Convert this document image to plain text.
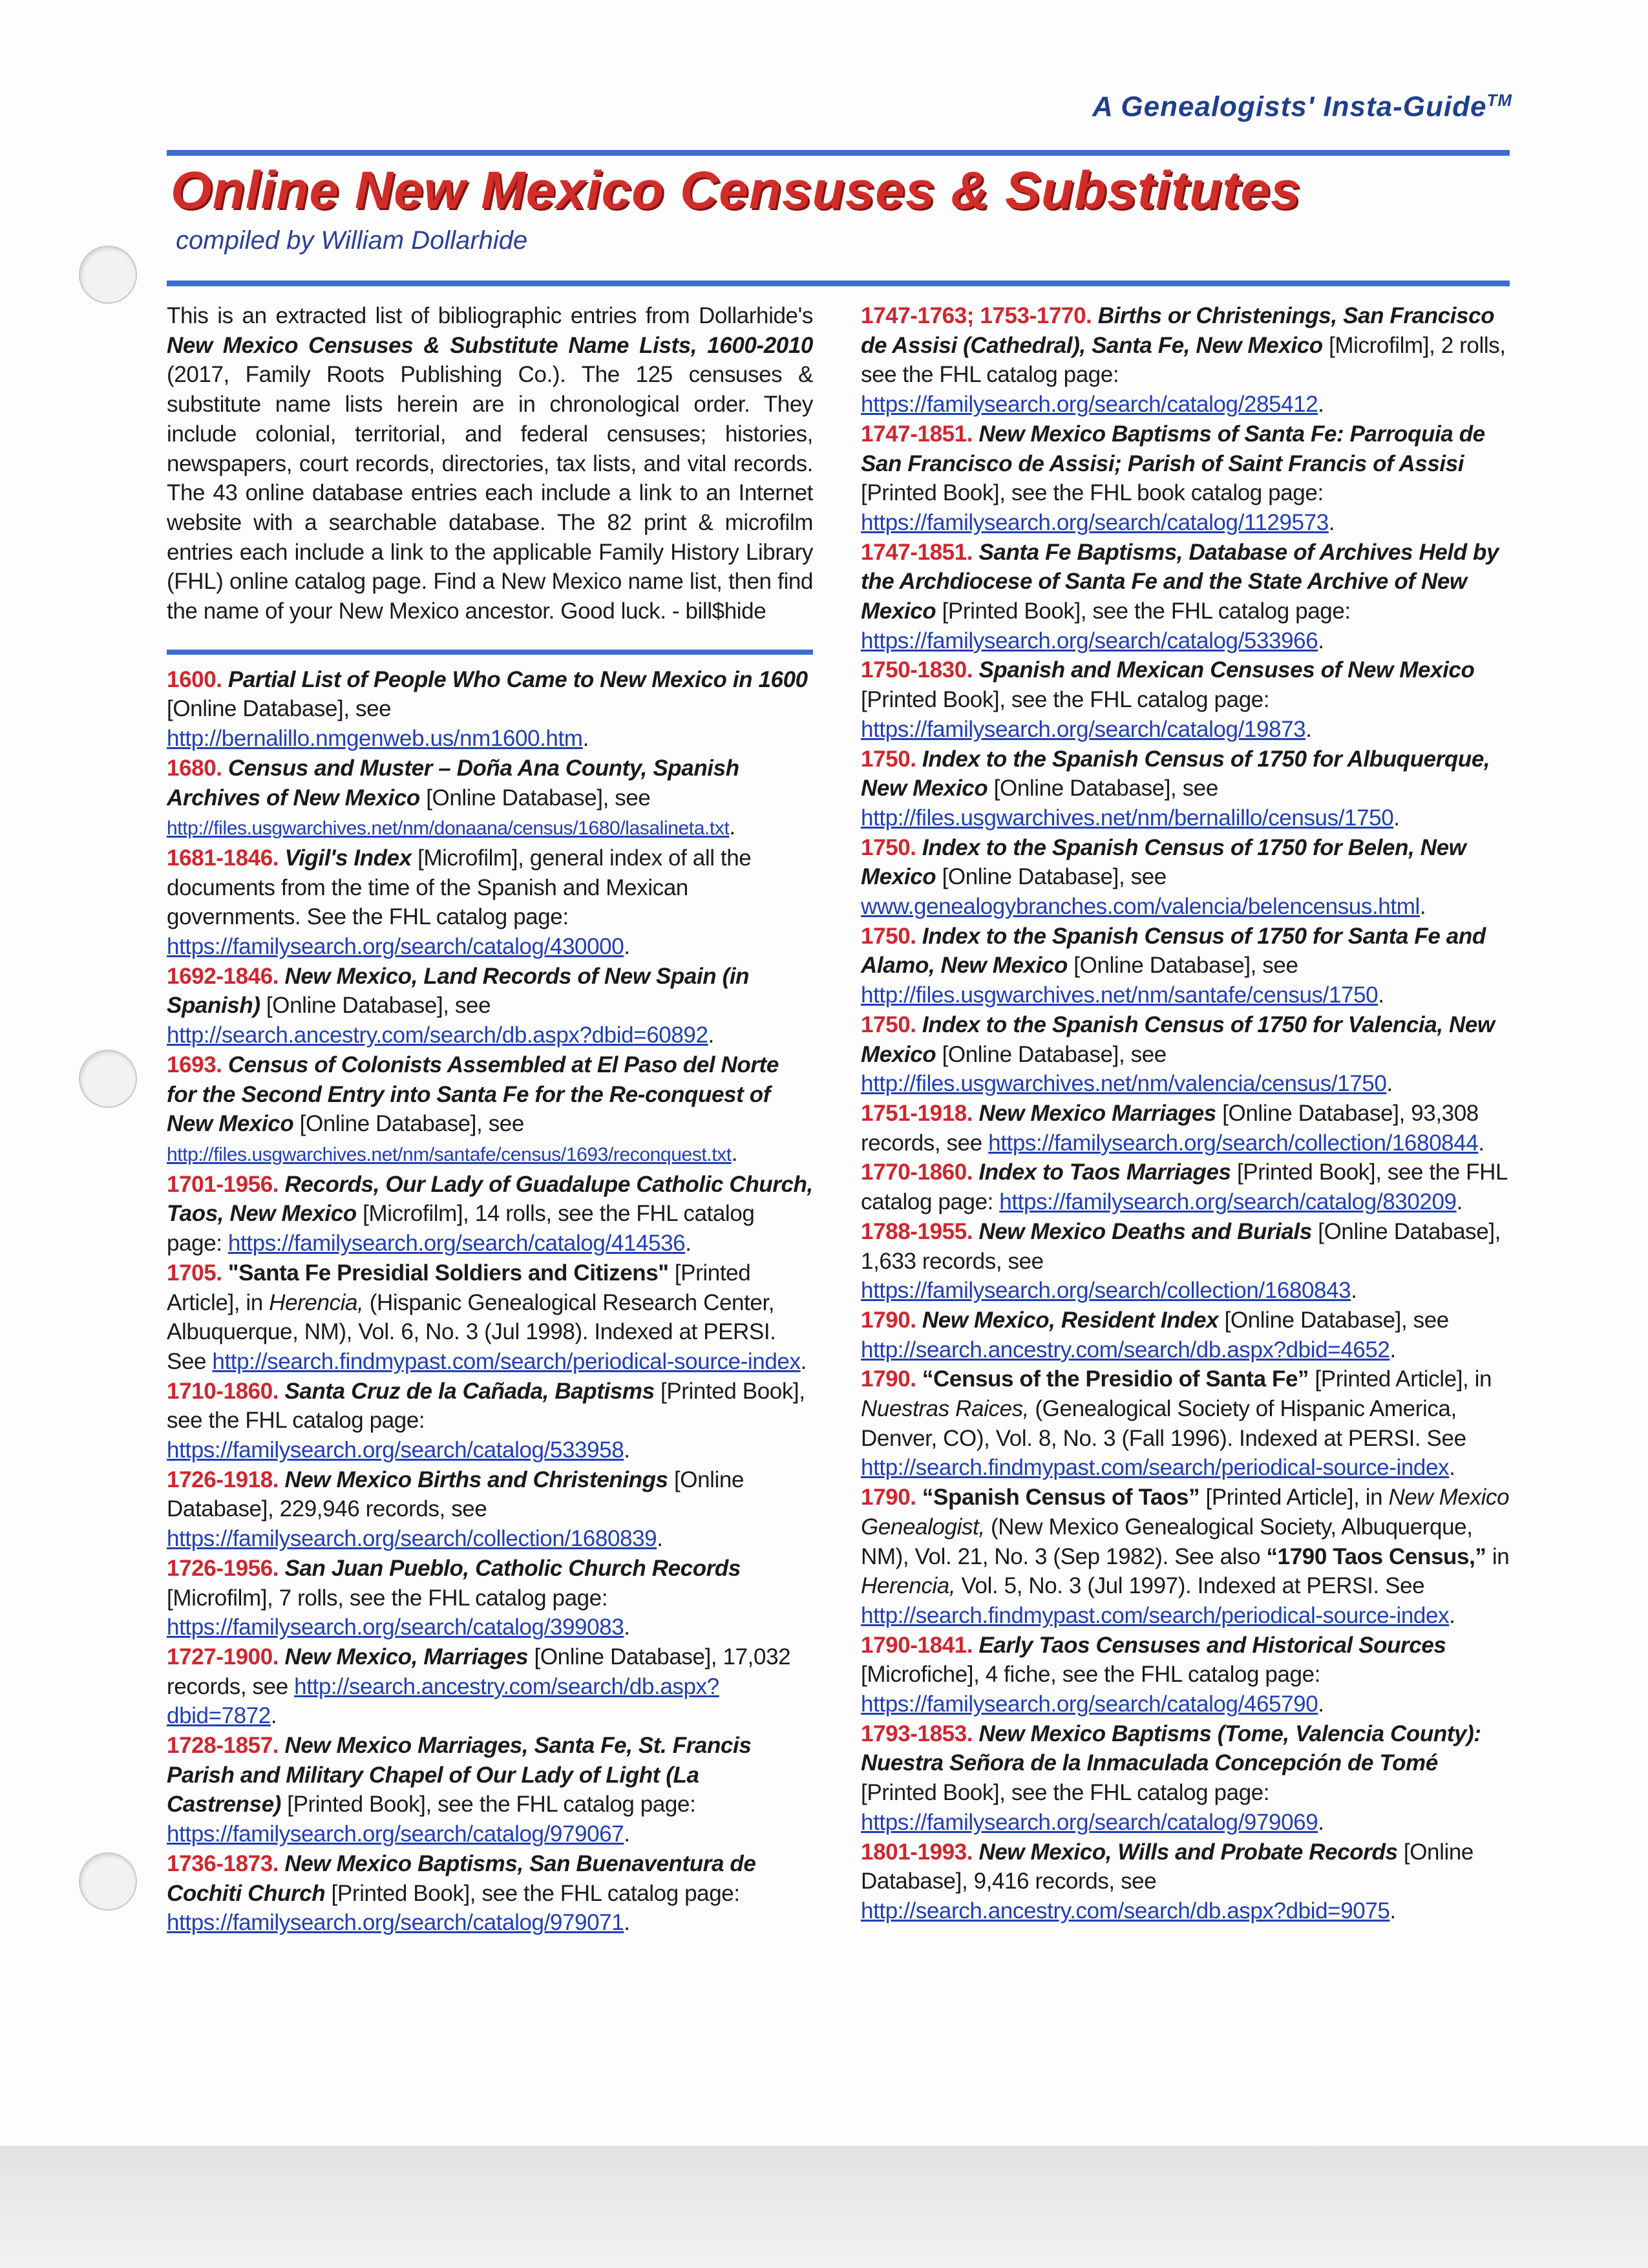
A Genealogists' Insta-Guide™
Online New Mexico Censuses & Substitutes

compiled by William Dollarhide

This is an extracted list of bibliographic entries from Dollarhide's New Mexico Censuses & Substitute Name Lists, 1600-2010 (2017, Family Roots Publishing Co.). The 125 censuses & substitute name lists herein are in chronological order. They include colonial, territorial, and federal censuses; histories, newspapers, court records, directories, tax lists, and vital records. The 43 online database entries each include a link to an Internet website with a searchable database. The 82 print & microfilm entries each include a link to the applicable Family History Library (FHL) online catalog page. Find a New Mexico name list, then find the name of your New Mexico ancestor. Good luck. - bill$hide

1600. Partial List of People Who Came to New Mexico in 1600 [Online Database], see http://bernalillo.nmgenweb.us/nm1600.htm.

1680. Census and Muster – Doña Ana County, Spanish Archives of New Mexico [Online Database], see http://files.usgwarchives.net/nm/donaana/census/1680/lasalineta.txt.

1681-1846. Vigil's Index [Microfilm], general index of all the documents from the time of the Spanish and Mexican governments. See the FHL catalog page: https://familysearch.org/search/catalog/430000.

1692-1846. New Mexico, Land Records of New Spain (in Spanish) [Online Database], see http://search.ancestry.com/search/db.aspx?dbid=60892.

1693. Census of Colonists Assembled at El Paso del Norte for the Second Entry into Santa Fe for the Re-conquest of New Mexico [Online Database], see http://files.usgwarchives.net/nm/santafe/census/1693/reconquest.txt.

1701-1956. Records, Our Lady of Guadalupe Catholic Church, Taos, New Mexico [Microfilm], 14 rolls, see the FHL catalog page: https://familysearch.org/search/catalog/414536.

1705. "Santa Fe Presidial Soldiers and Citizens" [Printed Article], in Herencia, (Hispanic Genealogical Research Center, Albuquerque, NM), Vol. 6, No. 3 (Jul 1998). Indexed at PERSI. See http://search.findmypast.com/search/periodical-source-index.

1710-1860. Santa Cruz de la Cañada, Baptisms [Printed Book], see the FHL catalog page: https://familysearch.org/search/catalog/533958.

1726-1918. New Mexico Births and Christenings [Online Database], 229,946 records, see https://familysearch.org/search/collection/1680839.

1726-1956. San Juan Pueblo, Catholic Church Records [Microfilm], 7 rolls, see the FHL catalog page: https://familysearch.org/search/catalog/399083.

1727-1900. New Mexico, Marriages [Online Database], 17,032 records, see http://search.ancestry.com/search/db.aspx?dbid=7872.

1728-1857. New Mexico Marriages, Santa Fe, St. Francis Parish and Military Chapel of Our Lady of Light (La Castrense) [Printed Book], see the FHL catalog page: https://familysearch.org/search/catalog/979067.

1736-1873. New Mexico Baptisms, San Buenaventura de Cochiti Church [Printed Book], see the FHL catalog page: https://familysearch.org/search/catalog/979071.

1747-1763; 1753-1770. Births or Christenings, San Francisco de Assisi (Cathedral), Santa Fe, New Mexico [Microfilm], 2 rolls, see the FHL catalog page: https://familysearch.org/search/catalog/285412.

1747-1851. New Mexico Baptisms of Santa Fe: Parroquia de San Francisco de Assisi; Parish of Saint Francis of Assisi [Printed Book], see the FHL book catalog page: https://familysearch.org/search/catalog/1129573.

1747-1851. Santa Fe Baptisms, Database of Archives Held by the Archdiocese of Santa Fe and the State Archive of New Mexico [Printed Book], see the FHL catalog page: https://familysearch.org/search/catalog/533966.

1750-1830. Spanish and Mexican Censuses of New Mexico [Printed Book], see the FHL catalog page: https://familysearch.org/search/catalog/19873.

1750. Index to the Spanish Census of 1750 for Albuquerque, New Mexico [Online Database], see http://files.usgwarchives.net/nm/bernalillo/census/1750.

1750. Index to the Spanish Census of 1750 for Belen, New Mexico [Online Database], see www.genealogybranches.com/valencia/belencensus.html.

1750. Index to the Spanish Census of 1750 for Santa Fe and Alamo, New Mexico [Online Database], see http://files.usgwarchives.net/nm/santafe/census/1750.

1750. Index to the Spanish Census of 1750 for Valencia, New Mexico [Online Database], see http://files.usgwarchives.net/nm/valencia/census/1750.

1751-1918. New Mexico Marriages [Online Database], 93,308 records, see https://familysearch.org/search/collection/1680844.

1770-1860. Index to Taos Marriages [Printed Book], see the FHL catalog page: https://familysearch.org/search/catalog/830209.

1788-1955. New Mexico Deaths and Burials [Online Database], 1,633 records, see https://familysearch.org/search/collection/1680843.

1790. New Mexico, Resident Index [Online Database], see http://search.ancestry.com/search/db.aspx?dbid=4652.

1790. “Census of the Presidio of Santa Fe” [Printed Article], in Nuestras Raices, (Genealogical Society of Hispanic America, Denver, CO), Vol. 8, No. 3 (Fall 1996). Indexed at PERSI. See http://search.findmypast.com/search/periodical-source-index.

1790. “Spanish Census of Taos” [Printed Article], in New Mexico Genealogist, (New Mexico Genealogical Society, Albuquerque, NM), Vol. 21, No. 3 (Sep 1982). See also “1790 Taos Census,” in Herencia, Vol. 5, No. 3 (Jul 1997). Indexed at PERSI. See http://search.findmypast.com/search/periodical-source-index.

1790-1841. Early Taos Censuses and Historical Sources [Microfiche], 4 fiche, see the FHL catalog page: https://familysearch.org/search/catalog/465790.

1793-1853. New Mexico Baptisms (Tome, Valencia County): Nuestra Señora de la Inmaculada Concepción de Tomé [Printed Book], see the FHL catalog page: https://familysearch.org/search/catalog/979069.

1801-1993. New Mexico, Wills and Probate Records [Online Database], 9,416 records, see http://search.ancestry.com/search/db.aspx?dbid=9075.
